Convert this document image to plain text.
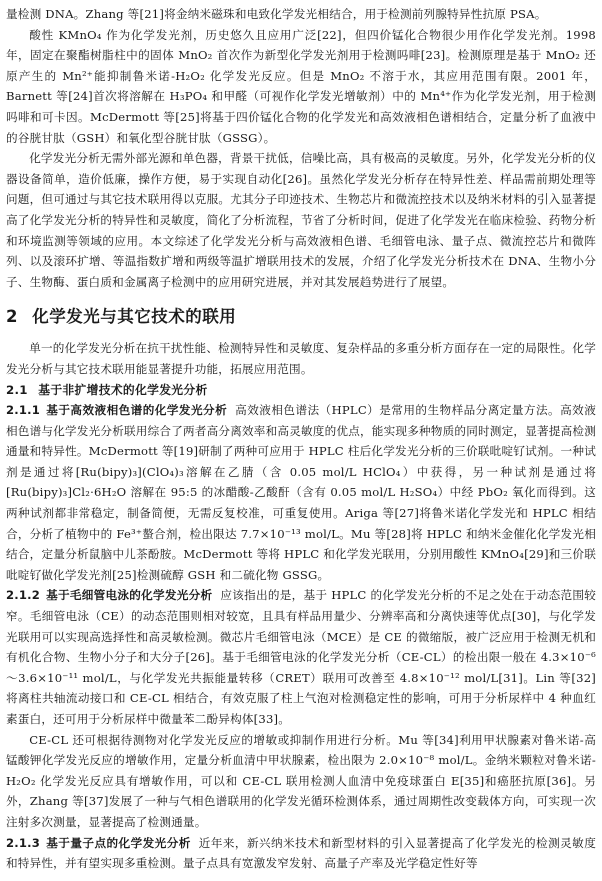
量检测 DNA。Zhang 等[21]将金纳米磁珠和电致化学发光相结合，用于检测前列腺特异性抗原 PSA。

酸性 KMnO₄ 作为化学发光剂，历史悠久且应用广泛[22]，但四价锰化合物很少用作化学发光剂。1998 年，固定在聚酯树脂柱中的固体 MnO₂ 首次作为新型化学发光剂用于检测吗啡[23]。检测原理是基于 MnO₂ 还原产生的 Mn²⁺能抑制鲁米诺-H₂O₂ 化学发光反应。但是 MnO₂ 不溶于水，其应用范围有限。2001 年，Barnett 等[24]首次将溶解在 H₃PO₄ 和甲醛（可视作化学发光增敏剂）中的 Mn⁴⁺作为化学发光剂，用于检测吗啡和可卡因。McDermott 等[25]将基于四价锰化合物的化学发光和高效液相色谱相结合，定量分析了血液中的谷胱甘肽（GSH）和氧化型谷胱甘肽（GSSG）。

化学发光分析无需外部光源和单色器，背景干扰低，信噪比高，具有极高的灵敏度。另外，化学发光分析的仪器设备简单，造价低廉，操作方便，易于实现自动化[26]。虽然化学发光分析存在特异性差、样品需前期处理等问题，但可通过与其它技术联用得以克服。尤其分子印迹技术、生物芯片和微流控技术以及纳米材料的引入显著提高了化学发光分析的特异性和灵敏度，简化了分析流程，节省了分析时间，促进了化学发光在临床检验、药物分析和环境监测等领域的应用。本文综述了化学发光分析与高效液相色谱、毛细管电泳、量子点、微流控芯片和微阵列、以及滚环扩增、等温指数扩增和两级等温扩增联用技术的发展，介绍了化学发光分析技术在 DNA、生物小分子、生物酶、蛋白质和金属离子检测中的应用研究进展，并对其发展趋势进行了展望。

2 化学发光与其它技术的联用

单一的化学发光分析在抗干扰性能、检测特异性和灵敏度、复杂样品的多重分析方面存在一定的局限性。化学发光分析与其它技术联用能显著提升功能，拓展应用范围。

2.1 基于非扩增技术的化学发光分析

2.1.1 基于高效液相色谱的化学发光分析 高效液相色谱法（HPLC）是常用的生物样品分离定量方法。高效液相色谱与化学发光分析联用综合了两者高分离效率和高灵敏度的优点，能实现多种物质的同时测定，显著提高检测通量和特异性。McDermott 等[19]研制了两种可应用于 HPLC 柱后化学发光分析的三价联吡啶钌试剂。一种试剂是通过将[Ru(bipy)₃](ClO₄)₃溶解在乙腈（含 0.05 mol/L HClO₄）中获得，另一种试剂是通过将[Ru(bipy)₃]Cl₂·6H₂O 溶解在 95:5 的冰醋酸-乙酸酐（含有 0.05 mol/L H₂SO₄）中经 PbO₂ 氧化而得到。这两种试剂都非常稳定，制备简便，无需反复校准，可重复使用。Ariga 等[27]将鲁米诺化学发光和 HPLC 相结合，分析了植物中的 Fe³⁺螯合剂，检出限达 7.7×10⁻¹³ mol/L。Mu 等[28]将 HPLC 和纳米金催化化学发光相结合，定量分析鼠脑中儿茶酚胺。McDermott 等将 HPLC 和化学发光联用，分别用酸性 KMnO₄[29]和三价联吡啶钌做化学发光剂[25]检测硫醇 GSH 和二硫化物 GSSG。

2.1.2 基于毛细管电泳的化学发光分析 应该指出的是，基于 HPLC 的化学发光分析的不足之处在于动态范围较窄。毛细管电泳（CE）的动态范围则相对较宽，且具有样品用量少、分辨率高和分离快速等优点[30]，与化学发光联用可以实现高选择性和高灵敏检测。微芯片毛细管电泳（MCE）是 CE 的微缩版，被广泛应用于检测无机和有机化合物、生物小分子和大分子[26]。基于毛细管电泳的化学发光分析（CE-CL）的检出限一般在 4.3×10⁻⁶～3.6×10⁻¹¹ mol/L，与化学发光共振能量转移（CRET）联用可改善至 4.8×10⁻¹² mol/L[31]。Lin 等[32]将离柱共轴流动接口和 CE-CL 相结合，有效克服了柱上气泡对检测稳定性的影响，可用于分析尿样中 4 种血红素蛋白，还可用于分析尿样中微量苯二酚异构体[33]。

CE-CL 还可根据待测物对化学发光反应的增敏或抑制作用进行分析。Mu 等[34]利用甲状腺素对鲁米诺-高锰酸钾化学发光反应的增敏作用，定量分析血清中甲状腺素，检出限为 2.0×10⁻⁸ mol/L。金纳米颗粒对鲁米诺-H₂O₂ 化学发光反应具有增敏作用，可以和 CE-CL 联用检测人血清中免疫球蛋白 E[35]和癌胚抗原[36]。另外，Zhang 等[37]发展了一种与气相色谱联用的化学发光循环检测体系，通过周期性改变载体方向，可实现一次注射多次测量，显著提高了检测通量。

2.1.3 基于量子点的化学发光分析 近年来，新兴纳米技术和新型材料的引入显著提高了化学发光的检测灵敏度和特异性，并有望实现多重检测。量子点具有宽激发窄发射、高量子产率及光学稳定性好等
